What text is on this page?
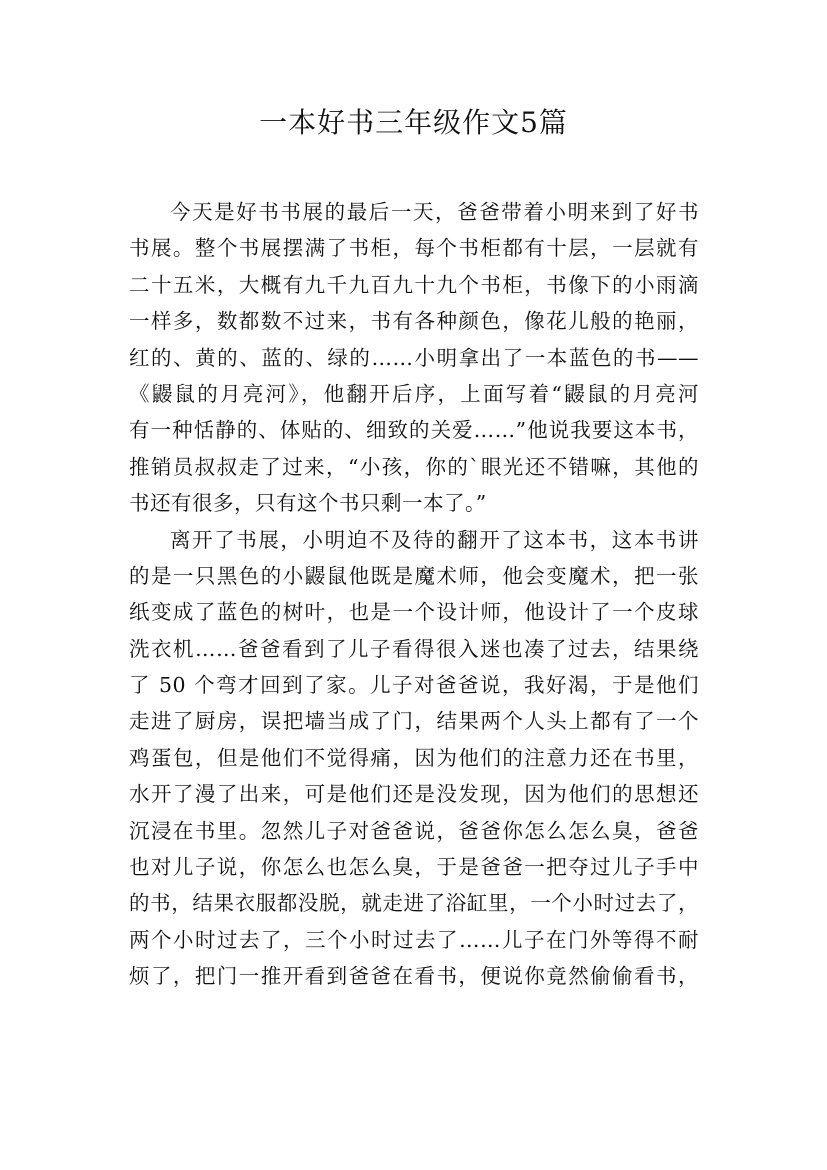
一本好书三年级作文5篇
今天是好书书展的最后一天，爸爸带着小明来到了好书
书展。整个书展摆满了书柜，每个书柜都有十层，一层就有
二十五米，大概有九千九百九十九个书柜，书像下的小雨滴
一样多，数都数不过来，书有各种颜色，像花儿般的艳丽，
红的、黄的、蓝的、绿的……小明拿出了一本蓝色的书——
《鼹鼠的月亮河》，他翻开后序，上面写着“鼹鼠的月亮河
有一种恬静的、体贴的、细致的关爱……”他说我要这本书，
推销员叔叔走了过来，“小孩，你的`眼光还不错嘛，其他的
书还有很多，只有这个书只剩一本了。”
离开了书展，小明迫不及待的翻开了这本书，这本书讲
的是一只黑色的小鼹鼠他既是魔术师，他会变魔术，把一张
纸变成了蓝色的树叶，也是一个设计师，他设计了一个皮球
洗衣机……爸爸看到了儿子看得很入迷也凑了过去，结果绕
了 50 个弯才回到了家。儿子对爸爸说，我好渴，于是他们
走进了厨房，误把墙当成了门，结果两个人头上都有了一个
鸡蛋包，但是他们不觉得痛，因为他们的注意力还在书里，
水开了漫了出来，可是他们还是没发现，因为他们的思想还
沉浸在书里。忽然儿子对爸爸说，爸爸你怎么怎么臭，爸爸
也对儿子说，你怎么也怎么臭，于是爸爸一把夺过儿子手中
的书，结果衣服都没脱，就走进了浴缸里，一个小时过去了，
两个小时过去了，三个小时过去了……儿子在门外等得不耐
烦了，把门一推开看到爸爸在看书，便说你竟然偷偷看书，
